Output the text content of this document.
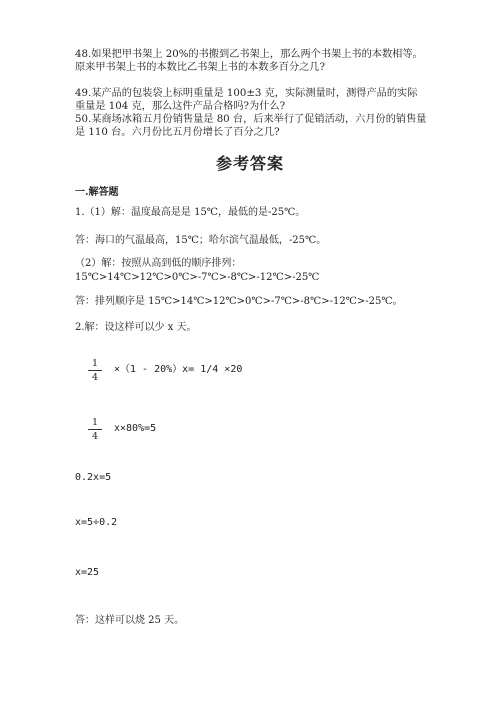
48.如果把甲书架上 20%的书搬到乙书架上，那么两个书架上书的本数相等。原来甲书架上书的本数比乙书架上书的本数多百分之几?
49.某产品的包装袋上标明重量是 100±3 克，实际测量时，测得产品的实际重量是 104 克，那么这件产品合格吗?为什么?
50.某商场冰箱五月份销售量是 80 台，后来举行了促销活动，六月份的销售量是 110 台。六月份比五月份增长了百分之几?
参考答案
一.解答题
1.（1）解：温度最高是是 15℃，最低的是-25℃。
答：海口的气温最高，15℃；哈尔滨气温最低，-25℃。
（2）解：按照从高到低的顺序排列：15℃>14℃>12℃>0℃>-7℃>-8℃>-12℃>-25℃
答：排列顺序是 15℃>14℃>12℃>0℃>-7℃>-8℃>-12℃>-25℃。
2.解：设这样可以少 x 天。
1
4
×（1 - 20%）x= 1/4 ×20
1
4
x×80%=5
0.2x=5
x=5÷0.2
x=25
答：这样可以烧 25 天。
